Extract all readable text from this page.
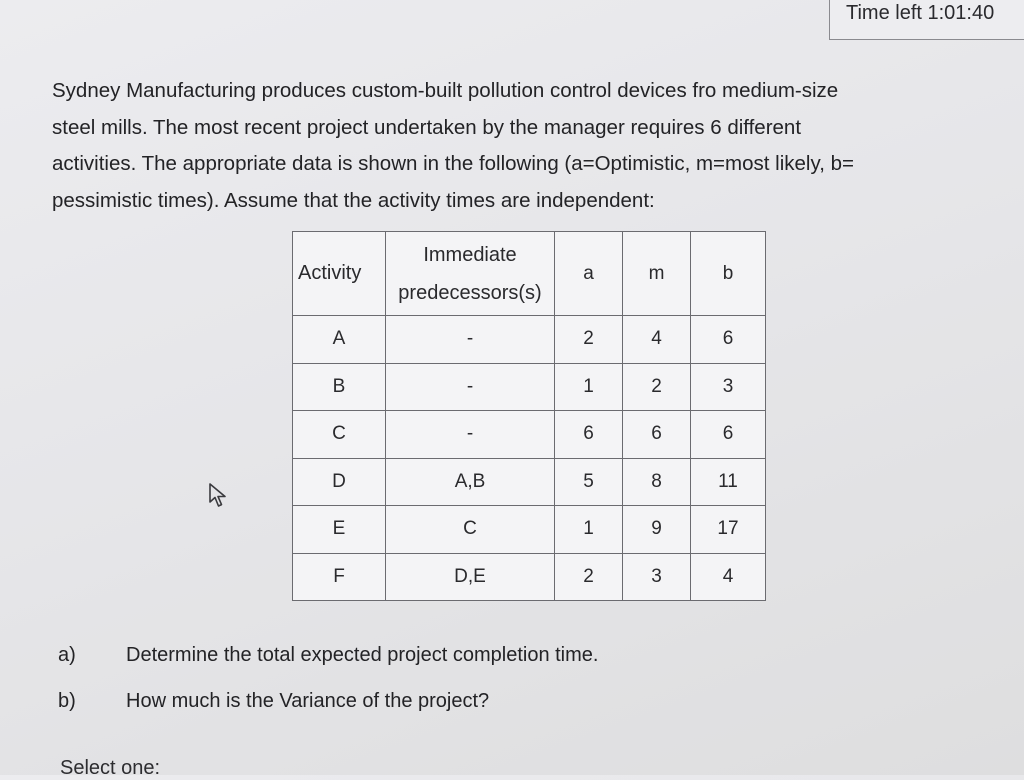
Time left 1:01:40
Sydney Manufacturing produces custom-built pollution control devices fro medium-size
steel mills. The most recent project undertaken by the manager requires 6 different
activities. The appropriate data is shown in the following (a=Optimistic, m=most likely, b=
pessimistic times). Assume that the activity times are independent:
Activity	Immediate
predecessors(s)	a	m	b
A	-	2	4	6
B	-	1	2	3
C	-	6	6	6
D	A,B	5	8	11
E	C	1	9	17
F	D,E	2	3	4
a)	Determine the total expected project completion time.
b)	How much is the Variance of the project?
Select one:
